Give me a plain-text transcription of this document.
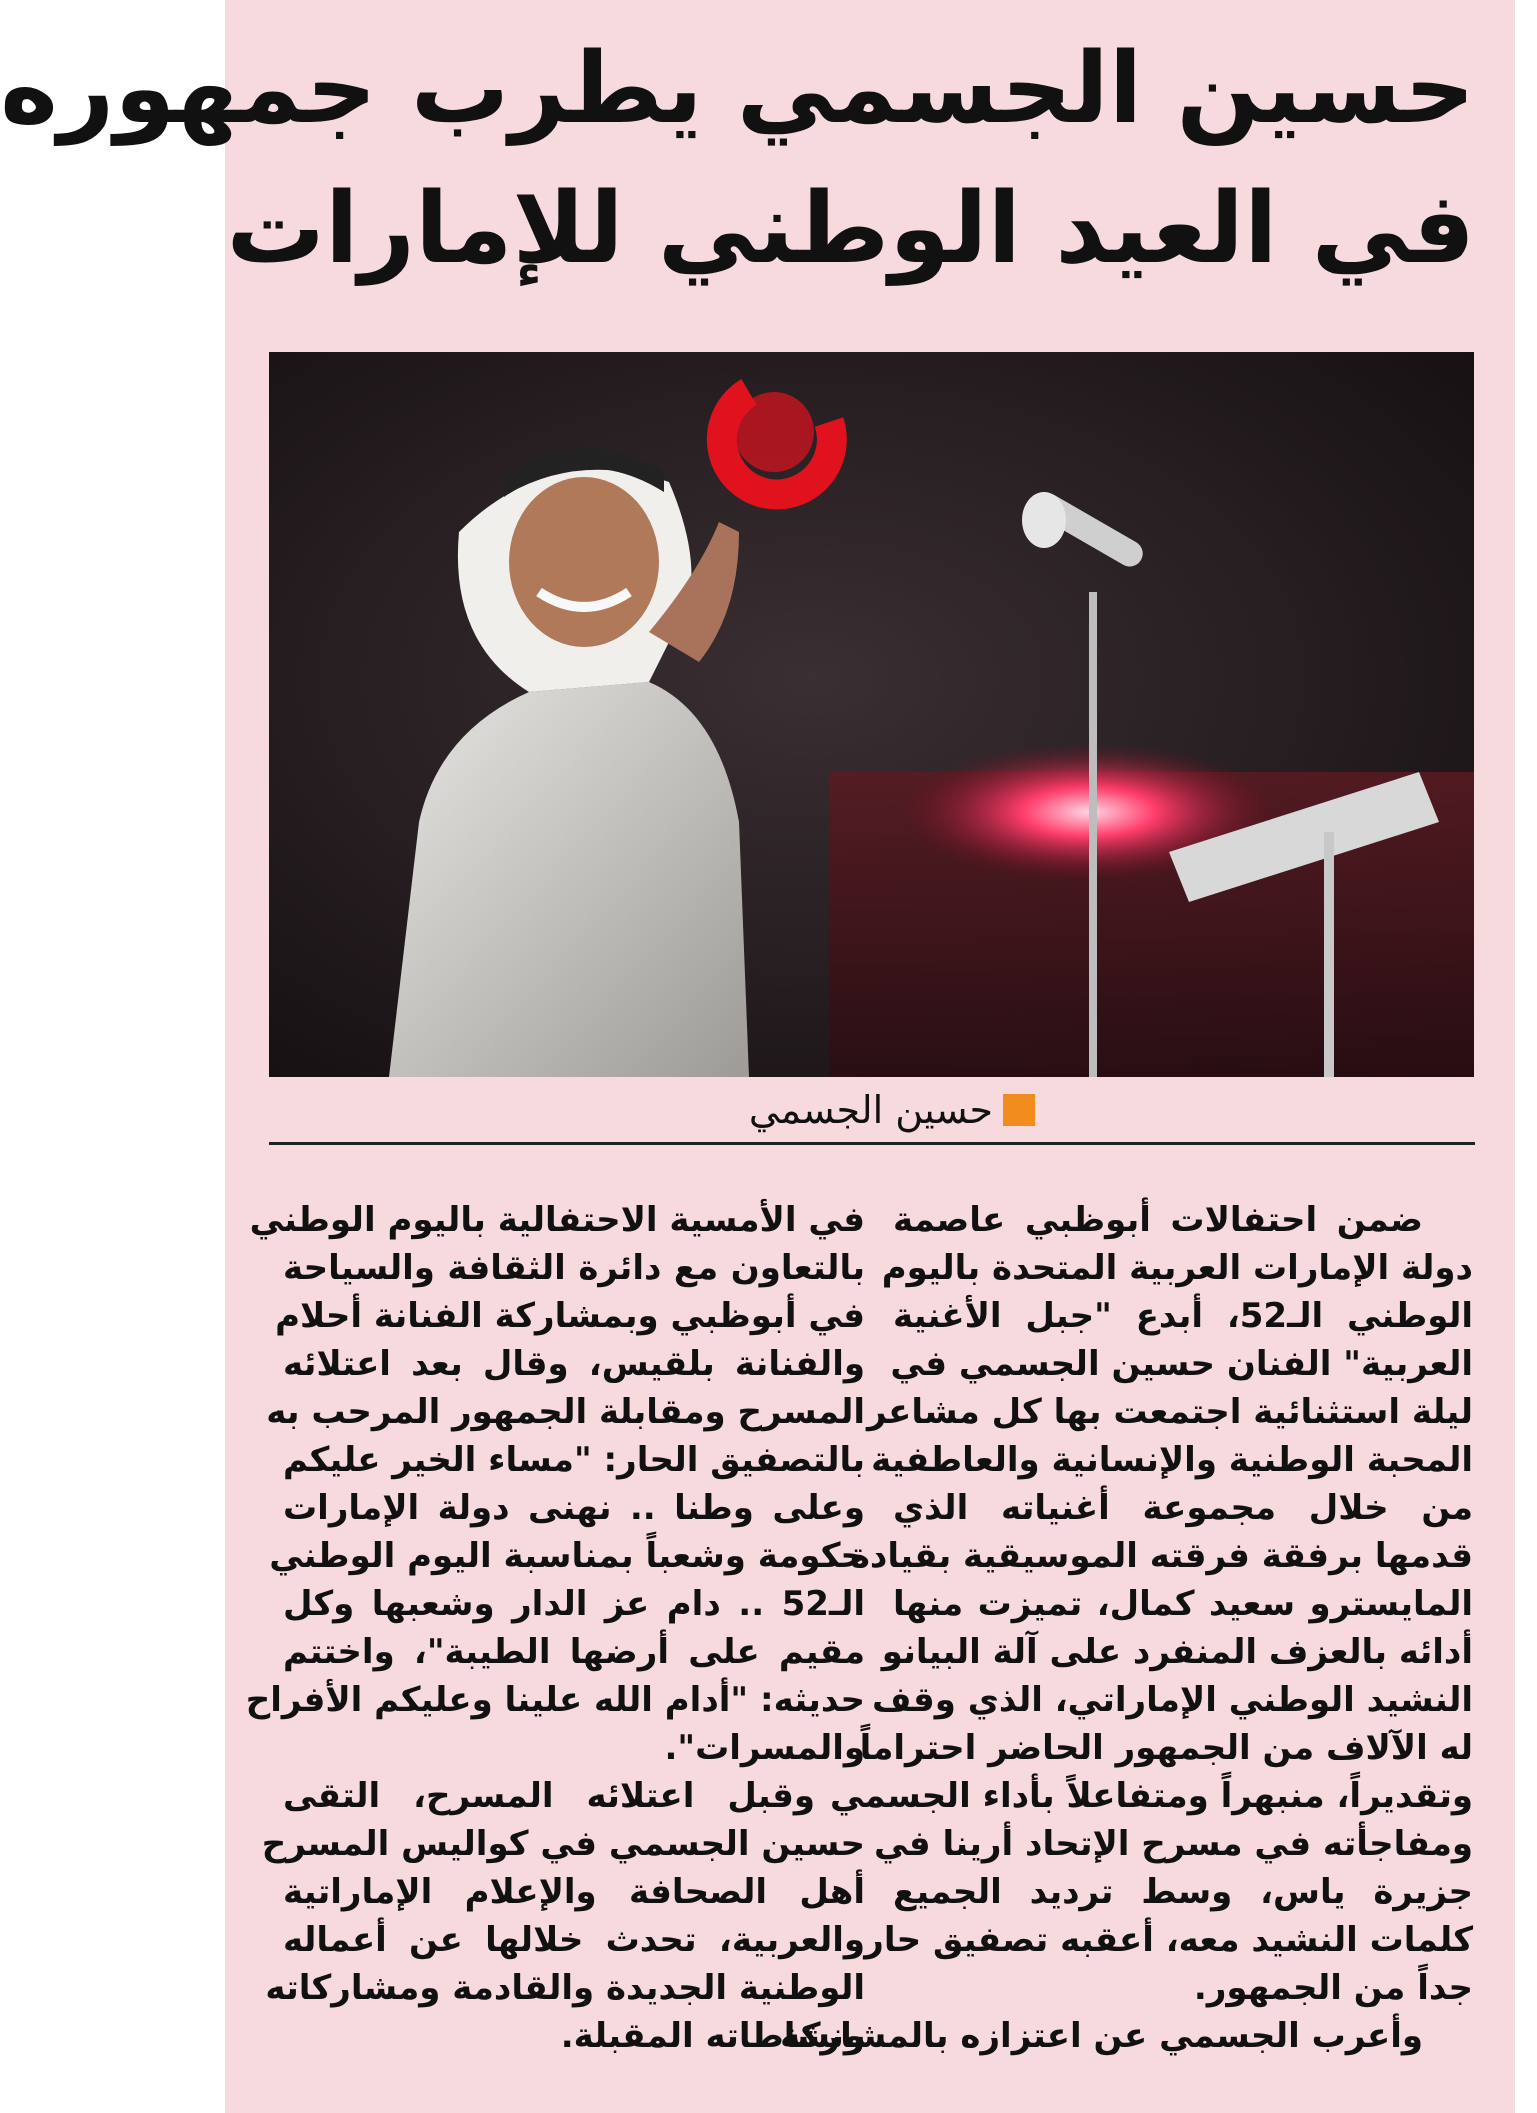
حسين الجسمي يطرب جمهوره
في العيد الوطني للإمارات
حسين الجسمي
ضمن احتفالات أبوظبي عاصمة
دولة الإمارات العربية المتحدة باليوم
الوطني الـ52، أبدع "جبل الأغنية
العربية" الفنان حسين الجسمي في
ليلة استثنائية اجتمعت بها كل مشاعر
المحبة الوطنية والإنسانية والعاطفية
من خلال مجموعة أغنياته الذي
قدمها برفقة فرقته الموسيقية بقيادة
المايسترو سعيد كمال، تميزت منها
أدائه بالعزف المنفرد على آلة البيانو
النشيد الوطني الإماراتي، الذي وقف
له الآلاف من الجمهور الحاضر احتراماً
وتقديراً، منبهراً ومتفاعلاً بأداء الجسمي
ومفاجأته في مسرح الإتحاد أرينا في
جزيرة ياس، وسط ترديد الجميع
كلمات النشيد معه، أعقبه تصفيق حار
جداً من الجمهور.
وأعرب الجسمي عن اعتزازه بالمشاركة
في الأمسية الاحتفالية باليوم الوطني
بالتعاون مع دائرة الثقافة والسياحة
في أبوظبي وبمشاركة الفنانة أحلام
والفنانة بلقيس، وقال بعد اعتلائه
المسرح ومقابلة الجمهور المرحب به
بالتصفيق الحار: "مساء الخير عليكم
وعلى وطنا .. نهنى دولة الإمارات
حكومة وشعباً بمناسبة اليوم الوطني
الـ52 .. دام عز الدار وشعبها وكل
مقيم على أرضها الطيبة"، واختتم
حديثه: "أدام الله علينا وعليكم الأفراح
والمسرات".
وقبل اعتلائه المسرح، التقى
حسين الجسمي في كواليس المسرح
أهل الصحافة والإعلام الإماراتية
والعربية، تحدث خلالها عن أعماله
الوطنية الجديدة والقادمة ومشاركاته
ونشاطاته المقبلة.
